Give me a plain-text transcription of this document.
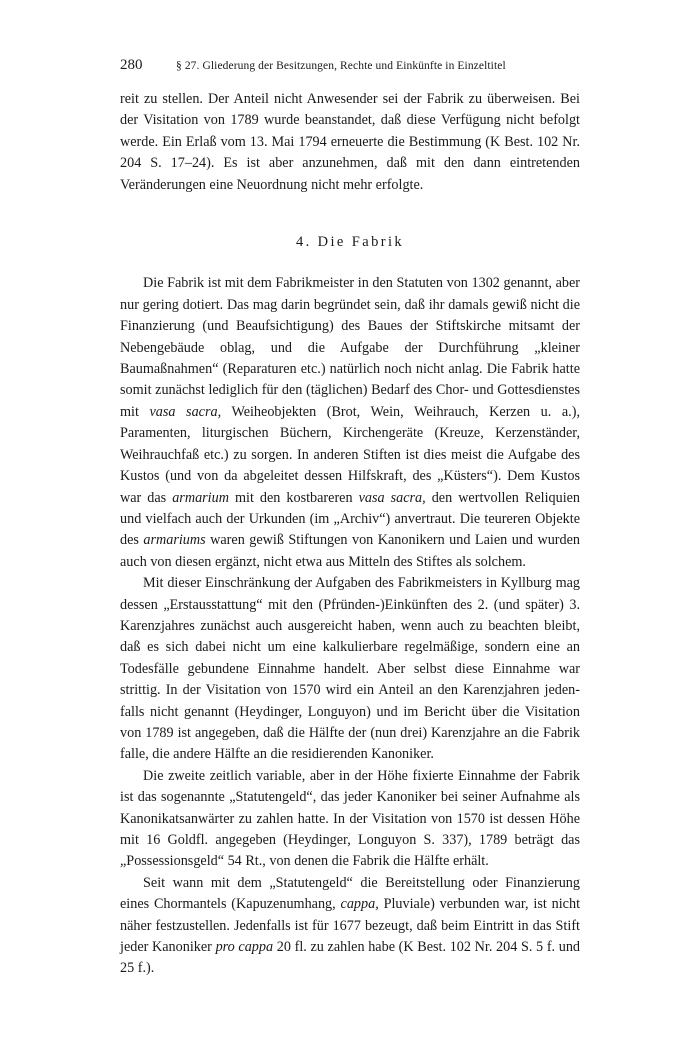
280	§ 27. Gliederung der Besitzungen, Rechte und Einkünfte in Einzeltitel

reit zu stellen. Der Anteil nicht Anwesender sei der Fabrik zu überweisen. Bei der Visitation von 1789 wurde beanstandet, daß diese Verfügung nicht befolgt werde. Ein Erlaß vom 13. Mai 1794 erneuerte die Bestimmung (K Best. 102 Nr. 204 S. 17–24). Es ist aber anzunehmen, daß mit den dann eintretenden Veränderungen eine Neuordnung nicht mehr erfolgte.

4. Die Fabrik

Die Fabrik ist mit dem Fabrikmeister in den Statuten von 1302 genannt, aber nur gering dotiert. Das mag darin begründet sein, daß ihr damals gewiß nicht die Finanzierung (und Beaufsichtigung) des Baues der Stiftskirche mitsamt der Nebengebäude oblag, und die Aufgabe der Durchführung „kleiner Baumaßnahmen“ (Reparaturen etc.) natürlich noch nicht anlag. Die Fabrik hatte somit zunächst lediglich für den (täglichen) Bedarf des Chor- und Gottesdienstes mit vasa sacra, Weiheobjekten (Brot, Wein, Weihrauch, Kerzen u. a.), Paramenten, liturgischen Büchern, Kirchengeräte (Kreuze, Kerzenständer, Weihrauchfaß etc.) zu sorgen. In anderen Stiften ist dies meist die Aufgabe des Kustos (und von da abgeleitet dessen Hilfskraft, des „Küsters“). Dem Kustos war das armarium mit den kostbareren vasa sacra, den wertvollen Reliquien und vielfach auch der Urkunden (im „Archiv“) anvertraut. Die teureren Objekte des armariums waren gewiß Stiftungen von Kanonikern und Laien und wurden auch von diesen ergänzt, nicht etwa aus Mitteln des Stiftes als solchem.

Mit dieser Einschränkung der Aufgaben des Fabrikmeisters in Kyllburg mag dessen „Erstausstattung“ mit den (Pfründen-)Einkünften des 2. (und später) 3. Karenzjahres zunächst auch ausgereicht haben, wenn auch zu beachten bleibt, daß es sich dabei nicht um eine kalkulierbare regelmäßige, sondern eine an Todesfälle gebundene Einnahme handelt. Aber selbst diese Einnahme war strittig. In der Visitation von 1570 wird ein Anteil an den Karenzjahren jedenfalls nicht genannt (Heydinger, Longuyon) und im Bericht über die Visitation von 1789 ist angegeben, daß die Hälfte der (nun drei) Karenzjahre an die Fabrik falle, die andere Hälfte an die residierenden Kanoniker.

Die zweite zeitlich variable, aber in der Höhe fixierte Einnahme der Fabrik ist das sogenannte „Statutengeld“, das jeder Kanoniker bei seiner Aufnahme als Kanonikatsanwärter zu zahlen hatte. In der Visitation von 1570 ist dessen Höhe mit 16 Goldfl. angegeben (Heydinger, Longuyon S. 337), 1789 beträgt das „Possessionsgeld“ 54 Rt., von denen die Fabrik die Hälfte erhält.

Seit wann mit dem „Statutengeld“ die Bereitstellung oder Finanzierung eines Chormantels (Kapuzenumhang, cappa, Pluviale) verbunden war, ist nicht näher festzustellen. Jedenfalls ist für 1677 bezeugt, daß beim Eintritt in das Stift jeder Kanoniker pro cappa 20 fl. zu zahlen habe (K Best. 102 Nr. 204 S. 5 f. und 25 f.).
